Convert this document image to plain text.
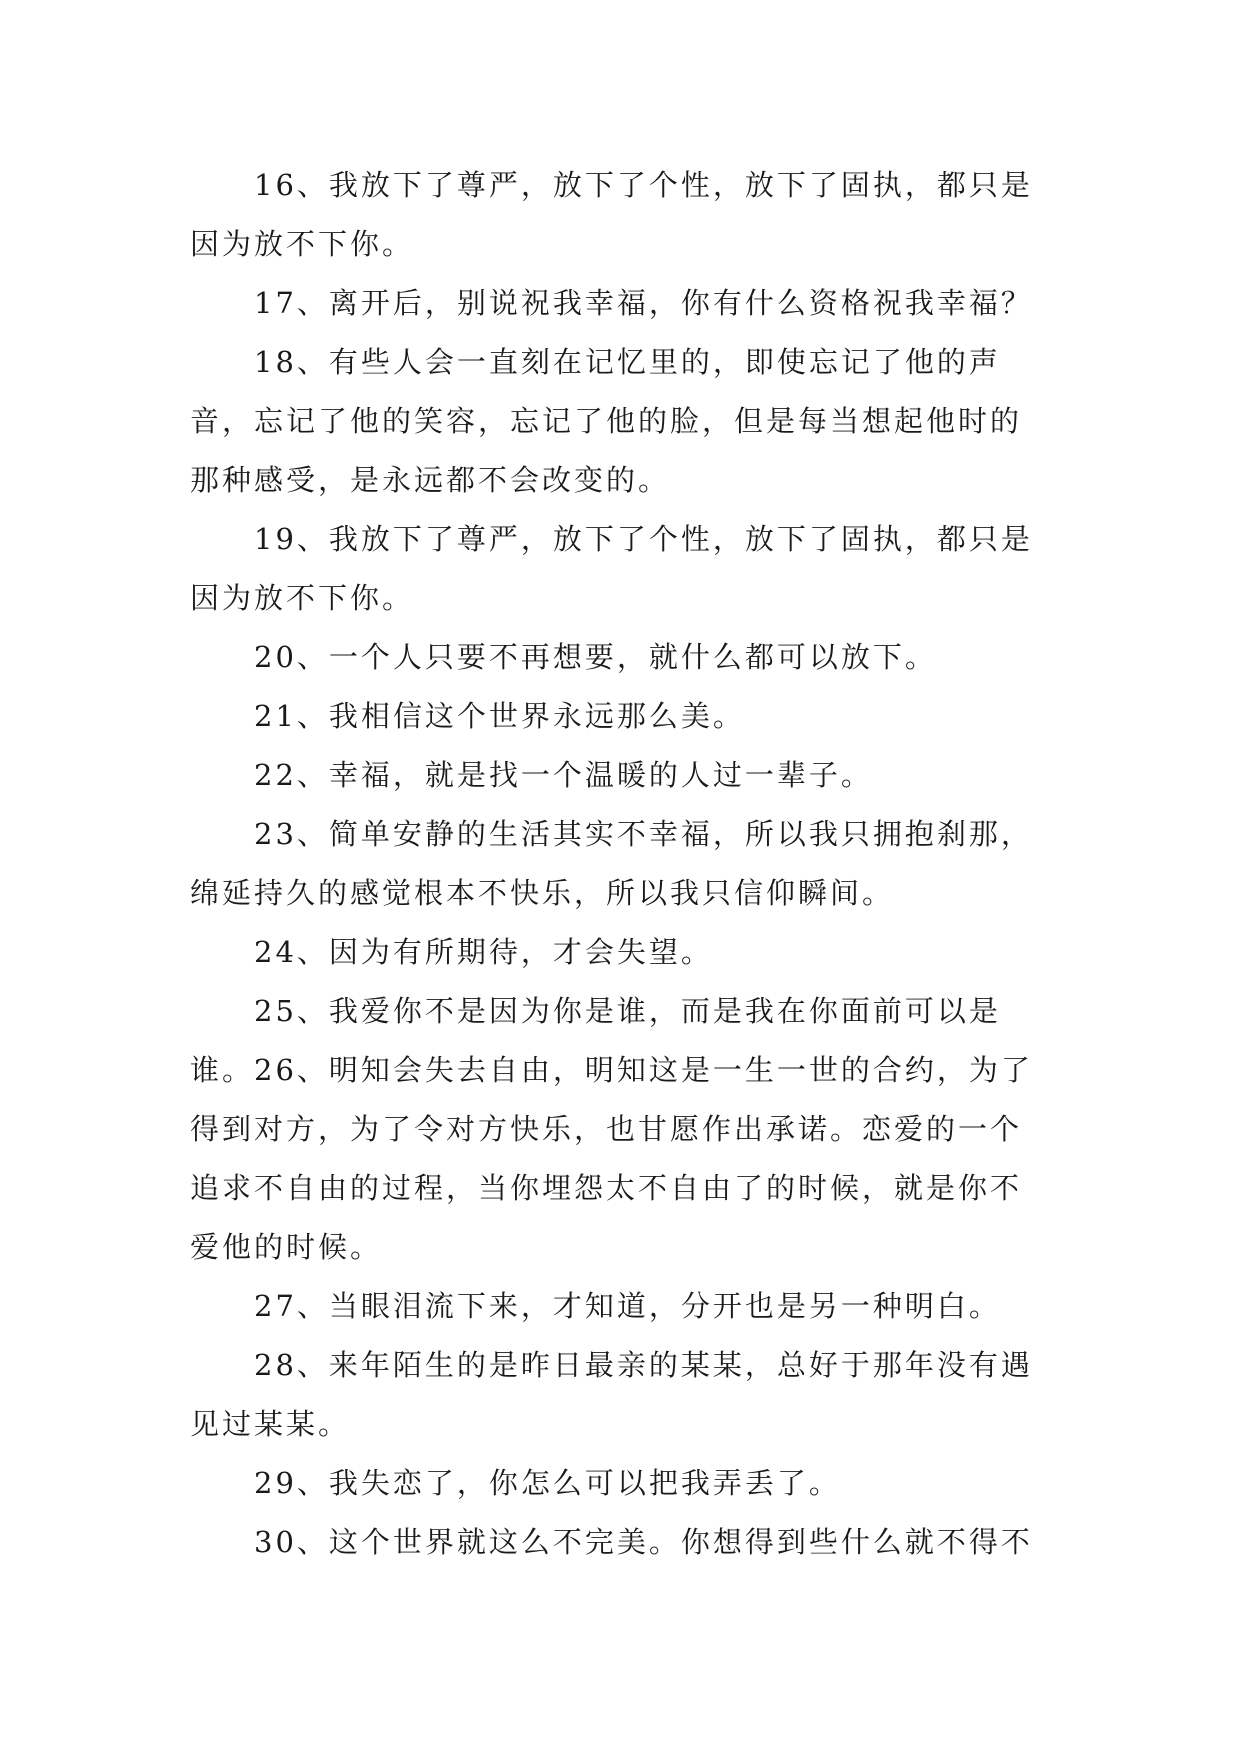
16、我放下了尊严，放下了个性，放下了固执，都只是因为放不下你。

17、离开后，别说祝我幸福，你有什么资格祝我幸福？

18、有些人会一直刻在记忆里的，即使忘记了他的声音，忘记了他的笑容，忘记了他的脸，但是每当想起他时的那种感受，是永远都不会改变的。

19、我放下了尊严，放下了个性，放下了固执，都只是因为放不下你。

20、一个人只要不再想要，就什么都可以放下。

21、我相信这个世界永远那么美。

22、幸福，就是找一个温暖的人过一辈子。

23、简单安静的生活其实不幸福，所以我只拥抱刹那，绵延持久的感觉根本不快乐，所以我只信仰瞬间。

24、因为有所期待，才会失望。

25、我爱你不是因为你是谁，而是我在你面前可以是谁。 26、明知会失去自由，明知这是一生一世的合约，为了得到对方，为了令对方快乐，也甘愿作出承诺。恋爱的一个追求不自由的过程，当你埋怨太不自由了的时候，就是你不爱他的时候。

27、当眼泪流下来，才知道，分开也是另一种明白。

28、来年陌生的是昨日最亲的某某，总好于那年没有遇见过某某。

29、我失恋了，你怎么可以把我弄丢了。

30、这个世界就这么不完美。你想得到些什么就不得不
